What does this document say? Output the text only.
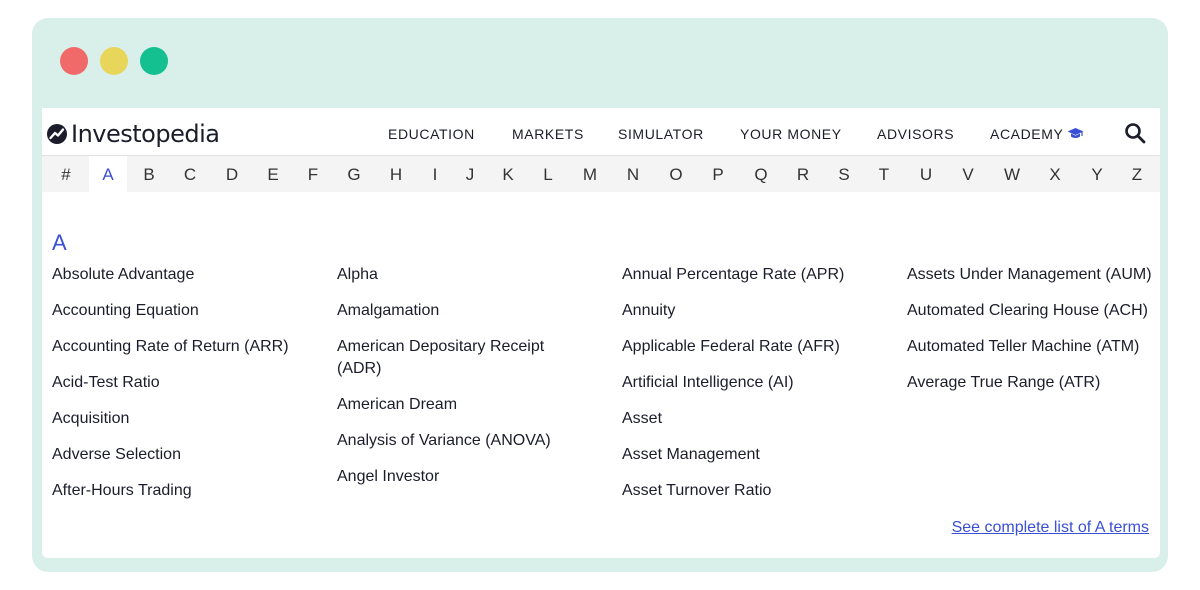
Investopedia	EDUCATION	MARKETS SIMULATOR	YOUR MONEY	ADVISORS	ACADEMY
#	A	B	C	D	E	F	G	H	I	J	K	L	M	N	O	P	Q	R	S	T	U	V	W	X	Y	Z
A
Absolute Advantage
Accounting Equation
Accounting Rate of Return (ARR)
Acid-Test Ratio
Acquisition
Adverse Selection
After-Hours Trading
Alpha
Amalgamation
American Depositary Receipt (ADR)
American Dream
Analysis of Variance (ANOVA)
Angel Investor
Annual Percentage Rate (APR)
Annuity
Applicable Federal Rate (AFR)
Artificial Intelligence (AI)
Asset
Asset Management
Asset Turnover Ratio
Assets Under Management (AUM)
Automated Clearing House (ACH)
Automated Teller Machine (ATM)
Average True Range (ATR)
See complete list of A terms
